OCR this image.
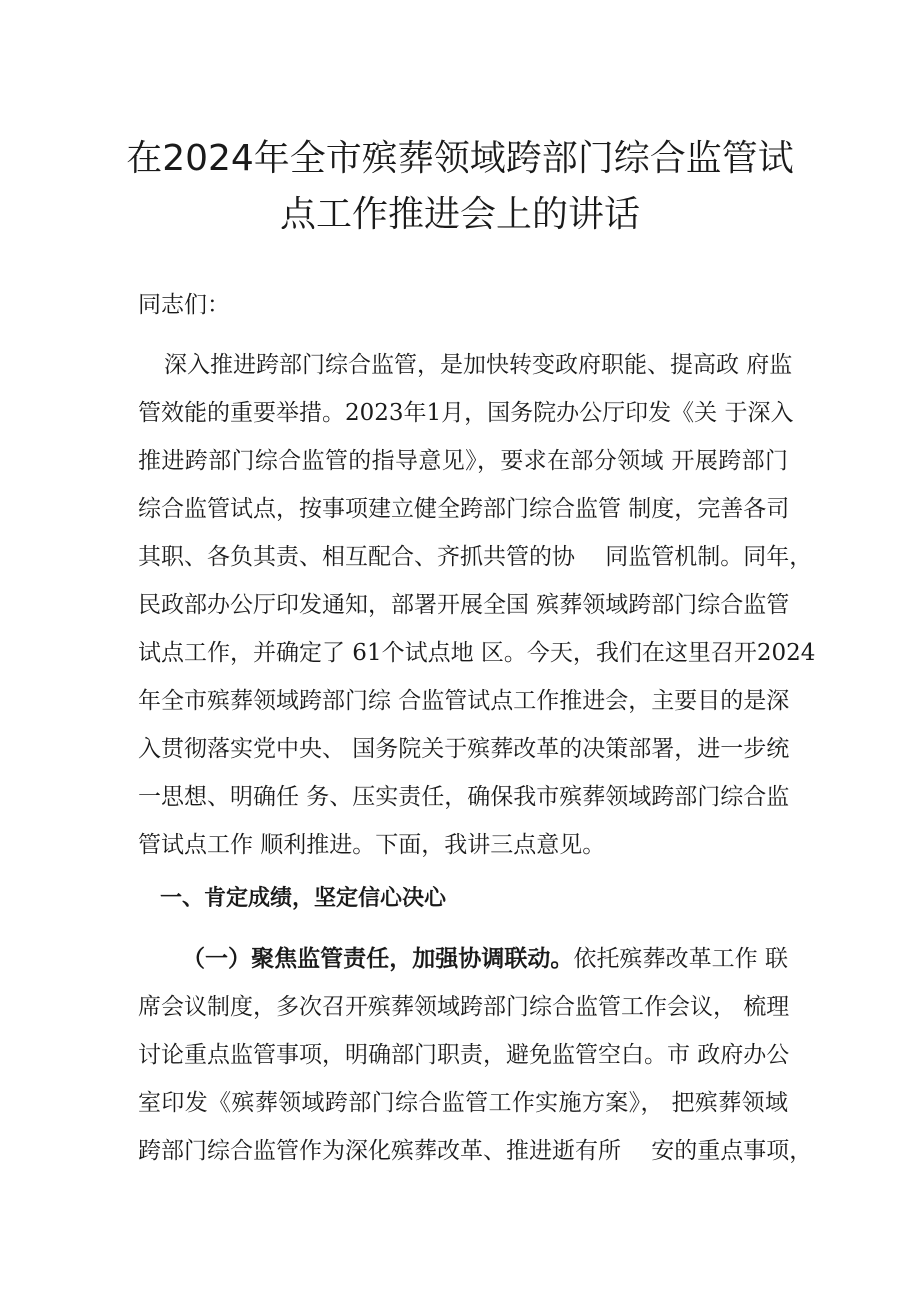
在2024年全市殡葬领域跨部门综合监管试
点工作推进会上的讲话
同志们：
深入推进跨部门综合监管，是加快转变政府职能、提高政 府监
管效能的重要举措。2023年1月，国务院办公厅印发《关 于深入
推进跨部门综合监管的指导意见》，要求在部分领域 开展跨部门
综合监管试点，按事项建立健全跨部门综合监管 制度，完善各司
其职、各负其责、相互配合、齐抓共管的协　 同监管机制。同年，
民政部办公厅印发通知，部署开展全国 殡葬领域跨部门综合监管
试点工作，并确定了 61个试点地 区。今天，我们在这里召开2024
年全市殡葬领域跨部门综 合监管试点工作推进会，主要目的是深
入贯彻落实党中央、 国务院关于殡葬改革的决策部署，进一步统
一思想、明确任 务、压实责任，确保我市殡葬领域跨部门综合监
管试点工作 顺利推进。下面，我讲三点意见。
一、肯定成绩，坚定信心决心
（一）聚焦监管责任，加强协调联动。依托殡葬改革工作 联
席会议制度，多次召开殡葬领域跨部门综合监管工作会议， 梳理
讨论重点监管事项，明确部门职责，避免监管空白。市 政府办公
室印发《殡葬领域跨部门综合监管工作实施方案》， 把殡葬领域
跨部门综合监管作为深化殡葬改革、推进逝有所　 安的重点事项，
